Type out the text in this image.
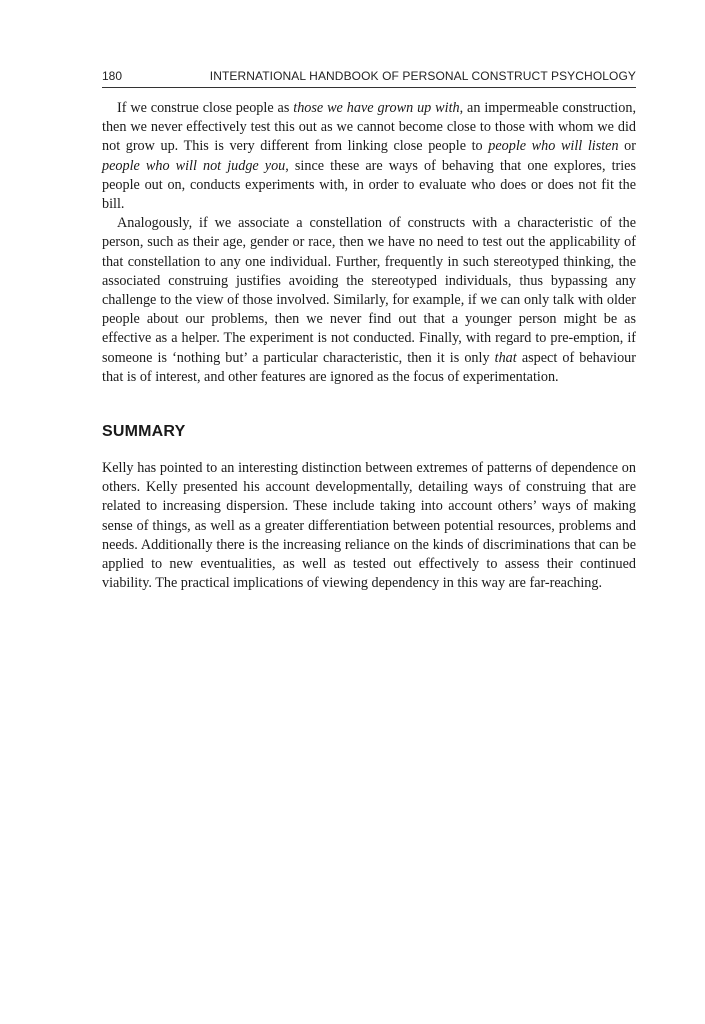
180	INTERNATIONAL HANDBOOK OF PERSONAL CONSTRUCT PSYCHOLOGY

If we construe close people as those we have grown up with, an impermeable construction, then we never effectively test this out as we cannot become close to those with whom we did not grow up. This is very different from linking close people to people who will listen or people who will not judge you, since these are ways of behaving that one explores, tries people out on, conducts experiments with, in order to evaluate who does or does not fit the bill.

Analogously, if we associate a constellation of constructs with a characteristic of the person, such as their age, gender or race, then we have no need to test out the applicability of that constellation to any one individual. Further, frequently in such stereotyped thinking, the associated construing justifies avoiding the stereotyped individuals, thus bypassing any challenge to the view of those involved. Similarly, for example, if we can only talk with older people about our problems, then we never find out that a younger person might be as effective as a helper. The experiment is not conducted. Finally, with regard to pre-emption, if someone is ‘nothing but’ a particular characteristic, then it is only that aspect of behaviour that is of interest, and other features are ignored as the focus of experimentation.

SUMMARY

Kelly has pointed to an interesting distinction between extremes of patterns of dependence on others. Kelly presented his account developmentally, detailing ways of construing that are related to increasing dispersion. These include taking into account others’ ways of making sense of things, as well as a greater differentiation between potential resources, problems and needs. Additionally there is the increasing reliance on the kinds of discriminations that can be applied to new eventualities, as well as tested out effectively to assess their continued viability. The practical implications of viewing dependency in this way are far-reaching.
